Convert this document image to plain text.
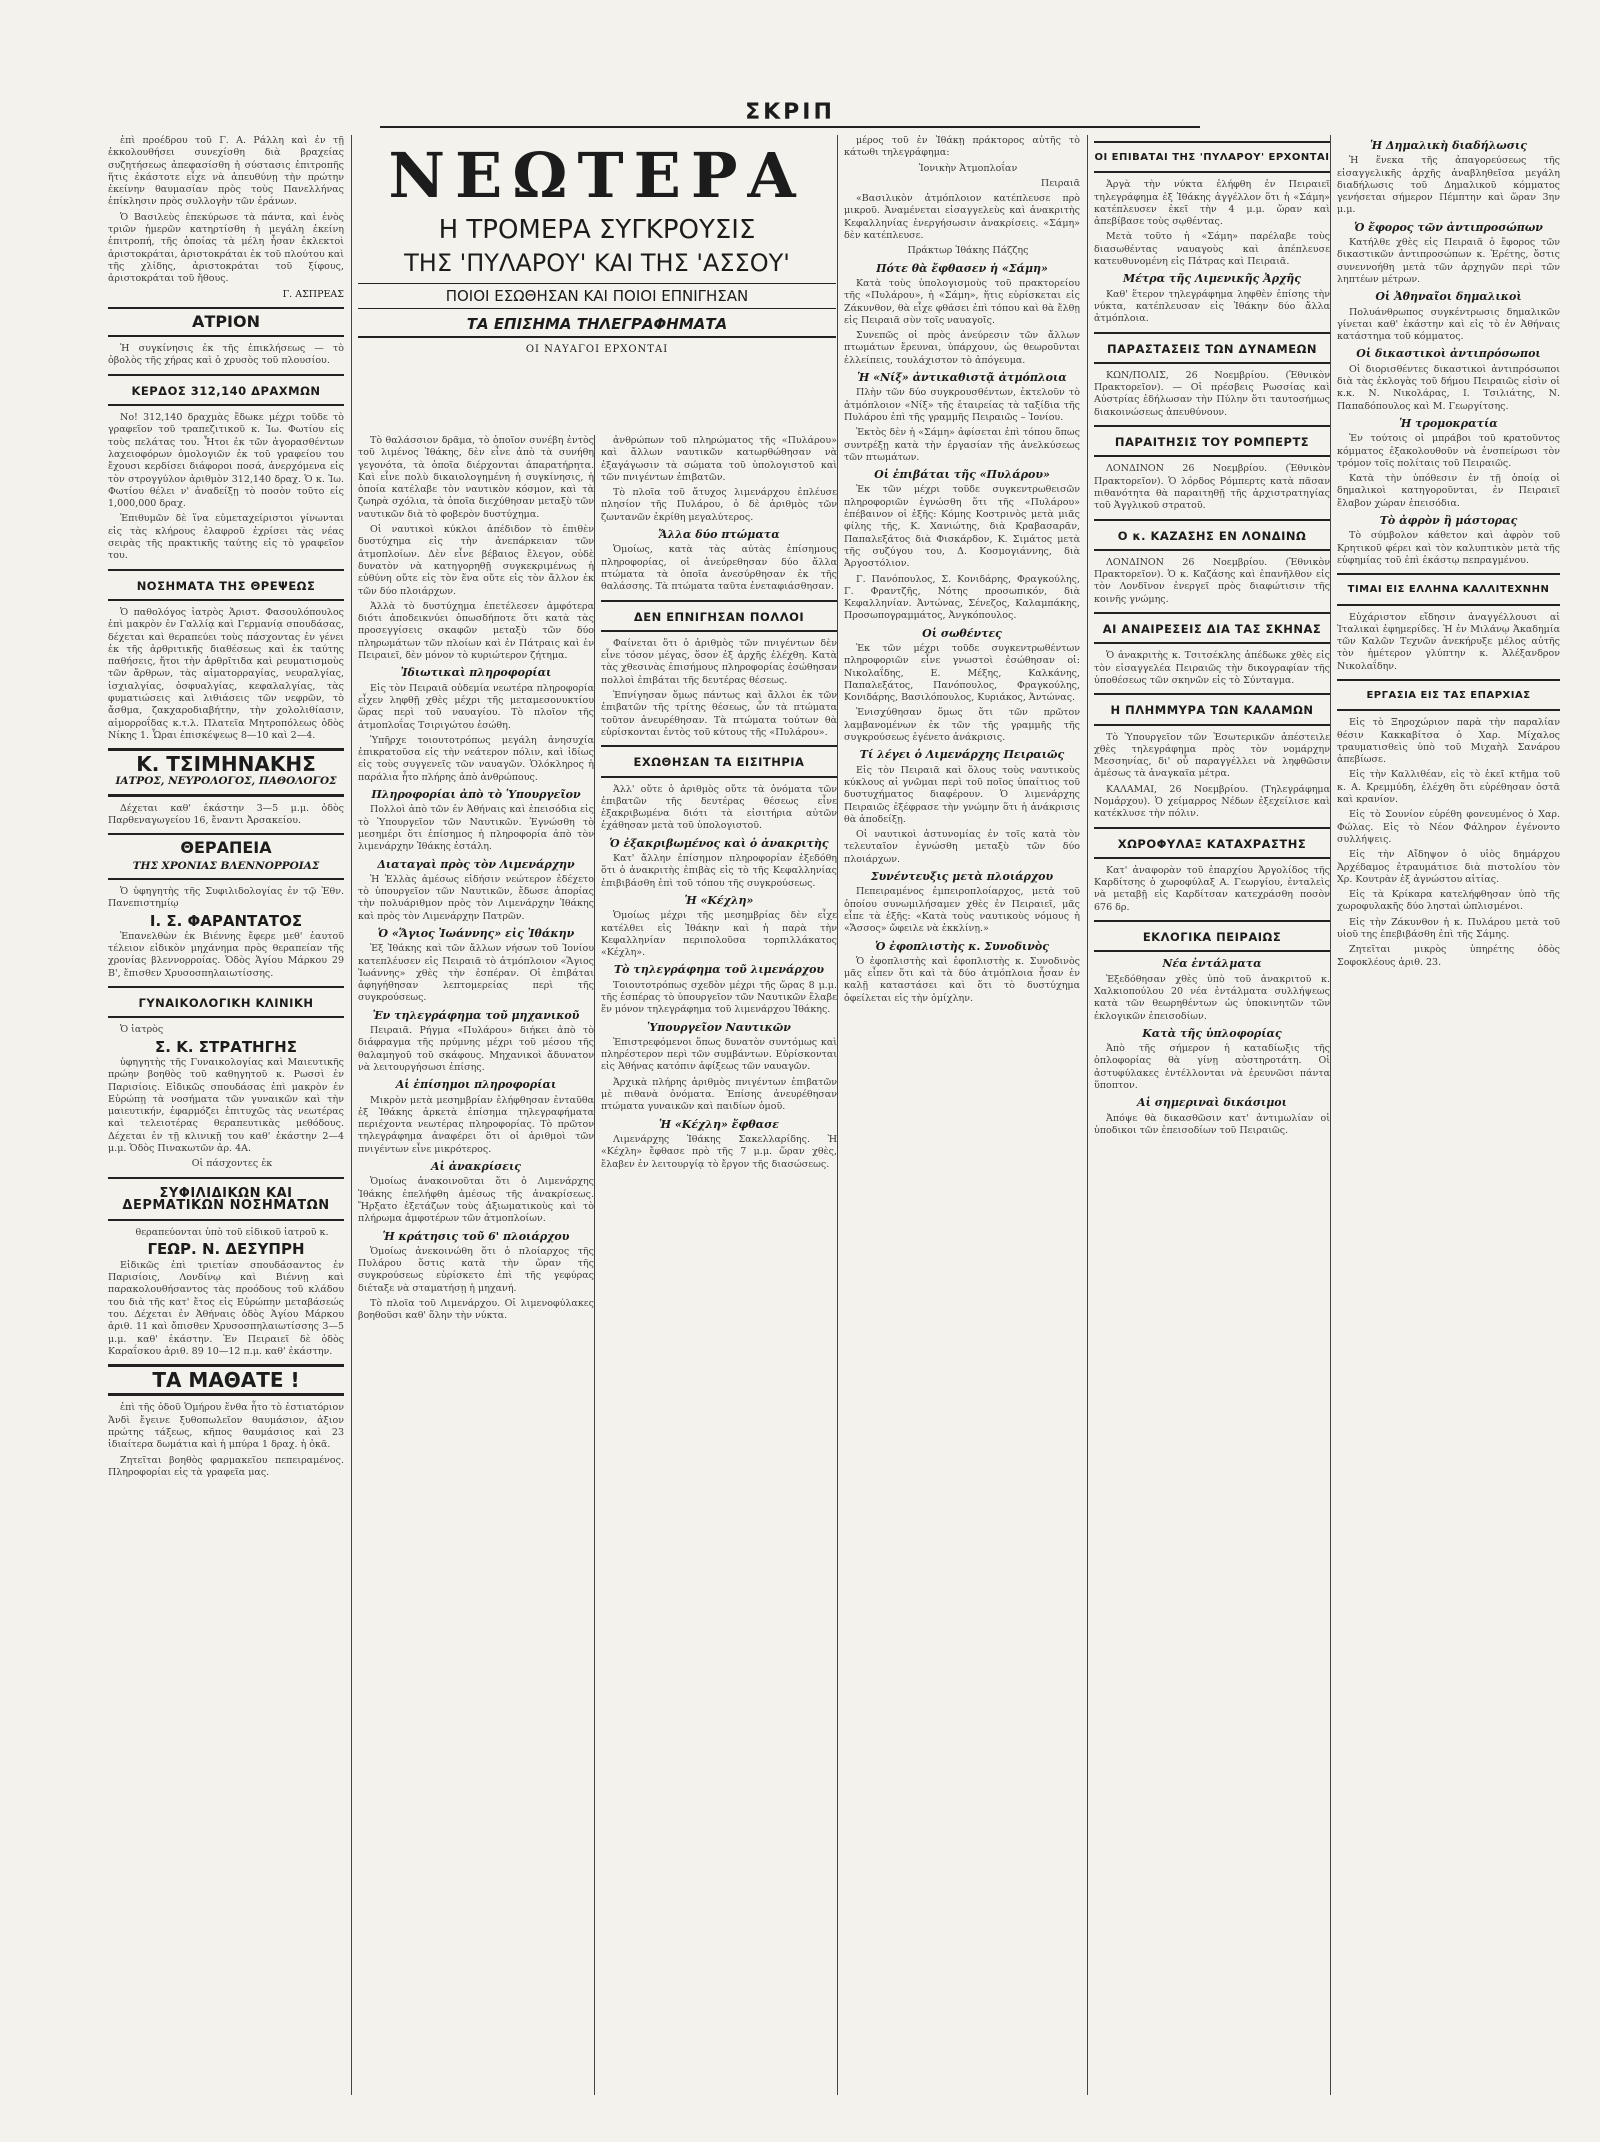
ΣΚΡΙΠ

ἐπὶ προέδρου τοῦ Γ. Α. Ράλλη καὶ ἐν τῇ ἐκκολουθήσει συνεχίσθη διὰ βραχείας συζητήσεως ἀπεφασίσθη ἡ σύστασις ἐπιτροπῆς ἥτις ἐκάστοτε εἶχε νὰ ἀπευθύνῃ τὴν πρώτην ἐκείνην θαυμασίαν πρὸς τοὺς Πανελλήνας ἐπίκλησιν πρὸς συλλογὴν τῶν ἐράνων.

Ὁ Βασιλεὺς ἐπεκύρωσε τὰ πάντα, καὶ ἐνὸς τριῶν ἡμερῶν κατηρτίσθη ἡ μεγάλη ἐκείνη ἐπιτροπή, τῆς ὁποίας τὰ μέλη ἦσαν ἐκλεκτοὶ ἀριστοκράται, ἀριστοκράται ἐκ τοῦ πλούτου καὶ τῆς χλίδης, ἀριστοκράται τοῦ ξίφους, ἀριστοκράται τοῦ ἤθους.

Γ. ΑΣΠΡΕΑΣ

ΑΤΡΙΟΝ

Ἡ συγκίνησις ἐκ τῆς ἐπικλήσεως — τὸ ὀβολὸς τῆς χήρας καὶ ὁ χρυσὸς τοῦ πλουσίου.

ΚΕΡΔΟΣ 312,140 ΔΡΑΧΜΩΝ

Νο! 312,140 δραχμὰς ἔδωκε μέχρι τοῦδε τὸ γραφεῖον τοῦ τραπεζιτικοῦ κ. Ἰω. Φωτίου εἰς τοὺς πελάτας του. Ἦτοι ἐκ τῶν ἀγορασθέντων λαχειοφόρων ὁμολογιῶν ἐκ τοῦ γραφείου του ἔχουσι κερδίσει διάφοροι ποσά, ἀνερχόμενα εἰς τὸν στρογγύλον ἀριθμὸν 312,140 δραχ. Ὁ κ. Ἰω. Φωτίου θέλει ν' ἀναδείξῃ τὸ ποσὸν τοῦτο εἰς 1,000,000 δραχ.

Ἐπιθυμῶν δὲ ἵνα εὐμεταχείριστοι γίνωνται εἰς τὰς κλήρους ἐλαφροῦ ἐχρίσει τὰς νέας σειρὰς τῆς πρακτικῆς ταύτης εἰς τὸ γραφεῖον του.

ΝΟΣΗΜΑΤΑ ΤΗΣ ΘΡΕΨΕΩΣ

Ὁ παθολόγος ἰατρὸς Ἀριστ. Φασουλόπουλος ἐπὶ μακρὸν ἐν Γαλλίᾳ καὶ Γερμανίᾳ σπουδάσας, δέχεται καὶ θεραπεύει τοὺς πάσχοντας ἐν γένει ἐκ τῆς ἀρθριτικῆς διαθέσεως καὶ ἐκ ταύτης παθήσεις, ἤτοι τὴν ἀρθρῖτιδα καὶ ρευματισμοὺς τῶν ἄρθρων, τὰς αἱματορραγίας, νευραλγίας, ἰσχιαλγίας, ὀσφυαλγίας, κεφαλαλγίας, τὰς φυματιώσεις καὶ λιθιάσεις τῶν νεφρῶν, τὸ ἄσθμα, ζακχαροδιαβήτην, τὴν χολολιθίασιν, αἱμορροΐδας κ.τ.λ. Πλατεῖα Μητροπόλεως ὁδὸς Νίκης 1. Ὧραι ἐπισκέψεως 8—10 καὶ 2—4.

Κ. ΤΣΙΜΗΝΑΚΗΣ
ΙΑΤΡΟΣ, ΝΕΥΡΟΛΟΓΟΣ, ΠΑΘΟΛΟΓΟΣ

Δέχεται καθ' ἑκάστην 3—5 μ.μ. ὁδὸς Παρθεναγωγείου 16, ἔναντι Ἀρσακείου.

ΘΕΡΑΠΕΙΑ
ΤΗΣ ΧΡΟΝΙΑΣ ΒΛΕΝΝΟΡΡΟΙΑΣ

Ὁ ὑφηγητὴς τῆς Συφιλιδολογίας ἐν τῷ Ἐθν. Πανεπιστημίῳ

Ι. Σ. ΦΑΡΑΝΤΑΤΟΣ

Ἐπανελθὼν ἐκ Βιέννης ἔφερε μεθ' ἑαυτοῦ τέλειον εἰδικὸν μηχάνημα πρὸς θεραπείαν τῆς χρονίας βλεννορροίας. Ὁδὸς Ἁγίου Μάρκου 29 Β', ἔπισθεν Χρυσοσπηλαιωτίσσης.

ΓΥΝΑΙΚΟΛΟΓΙΚΗ ΚΛΙΝΙΚΗ

Ὁ ἰατρὸς

Σ. Κ. ΣΤΡΑΤΗΓΗΣ

ὑφηγητὴς τῆς Γυναικολογίας καὶ Μαιευτικῆς πρώην βοηθὸς τοῦ καθηγητοῦ κ. Ρωσσὶ ἐν Παρισίοις. Εἰδικῶς σπουδάσας ἐπὶ μακρὸν ἐν Εὐρώπῃ τὰ νοσήματα τῶν γυναικῶν καὶ τὴν μαιευτικήν, ἐφαρμόζει ἐπιτυχῶς τὰς νεωτέρας καὶ τελειοτέρας θεραπευτικὰς μεθόδους. Δέχεται ἐν τῇ κλινικῇ του καθ' ἑκάστην 2—4 μ.μ. Ὁδὸς Πινακωτῶν ἀρ. 4Α.

Οἱ πάσχοντες ἐκ

ΣΥΦΙΛΙΔΙΚΩΝ ΚΑΙ ΔΕΡΜΑΤΙΚΩΝ ΝΟΣΗΜΑΤΩΝ

θεραπεύονται ὑπὸ τοῦ εἰδικοῦ ἰατροῦ κ.

ΓΕΩΡ. Ν. ΔΕΣΥΠΡΗ

Εἰδικῶς ἐπὶ τριετίαν σπουδάσαντος ἐν Παρισίοις, Λονδίνῳ καὶ Βιέννῃ καὶ παρακολουθήσαντος τὰς προόδους τοῦ κλάδου του διὰ τῆς κατ' ἔτος εἰς Εὐρώπην μεταβάσεώς του. Δέχεται ἐν Ἀθήναις ὁδὸς Ἁγίου Μάρκου ἀριθ. 11 καὶ ὄπισθεν Χρυσοσπηλαιωτίσσης 3—5 μ.μ. καθ' ἑκάστην. Ἐν Πειραιεῖ δὲ ὁδὸς Καραΐσκου ἀριθ. 89 10—12 π.μ. καθ' ἑκάστην.

ΤΑ ΜΑΘΑΤΕ !

ἐπὶ τῆς ὁδοῦ Ὁμήρου ἕνθα ἦτο τὸ ἐστιατόριον Ἀνδὶ ἔγεινε ξυθοπωλεῖον θαυμάσιον, ἀξιον πρώτης τάξεως, κῆπος θαυμάσιος καὶ 23 ἰδιαίτερα δωμάτια καὶ ἡ μπύρα 1 δραχ. ἡ ὀκᾶ.

Ζητεῖται βοηθὸς φαρμακεῖου πεπειραμένος. Πληροφορίαι εἰς τὰ γραφεῖα μας.

ΝΕΩΤΕΡΑ
Η ΤΡΟΜΕΡΑ ΣΥΓΚΡΟΥΣΙΣ
ΤΗΣ 'ΠΥΛΑΡΟΥ' ΚΑΙ ΤΗΣ 'ΑΣΣΟΥ'
ΠΟΙΟΙ ΕΣΩΘΗΣΑΝ ΚΑΙ ΠΟΙΟΙ ΕΠΝΙΓΗΣΑΝ
ΤΑ ΕΠΙΣΗΜΑ ΤΗΛΕΓΡΑΦΗΜΑΤΑ
ΟΙ ΝΑΥΑΓΟΙ ΕΡΧΟΝΤΑΙ

Τὸ θαλάσσιον δρᾶμα, τὸ ὁποῖον συνέβη ἐντὸς τοῦ λιμένος Ἰθάκης, δὲν εἶνε ἀπὸ τὰ συνήθη γεγονότα, τὰ ὁποῖα διέρχονται ἀπαρατήρητα. Καὶ εἶνε πολὺ δικαιολογημένη ἡ συγκίνησις, ἡ ὁποία κατέλαβε τὸν ναυτικὸν κόσμον, καὶ τὰ ζωηρὰ σχόλια, τὰ ὁποῖα διεχύθησαν μεταξὺ τῶν ναυτικῶν διὰ τὸ φοβερὸν δυστύχημα.

Οἱ ναυτικοὶ κύκλοι ἀπέδιδον τὸ ἐπιθὲν δυστύχημα εἰς τὴν ἀνεπάρκειαν τῶν ἀτμοπλοίων. Δὲν εἶνε βέβαιος ἔλεγον, οὐδὲ δυνατὸν νὰ κατηγορηθῇ συγκεκριμένως ἡ εὐθύνη οὔτε εἰς τὸν ἕνα οὔτε εἰς τὸν ἄλλον ἐκ τῶν δύο πλοιάρχων.

Ἀλλὰ τὸ δυστύχημα ἐπετέλεσεν ἀμφότερα διότι ἀποδεικνύει ὁπωσδήποτε ὅτι κατὰ τὰς προσεγγίσεις σκαφῶν μεταξὺ τῶν δύο πληρωμάτων τῶν πλοίων καὶ ἐν Πάτραις καὶ ἐν Πειραιεῖ, δὲν μόνον τὸ κυριώτερον ζήτημα.

Ἰδιωτικαὶ πληροφορίαι

Εἰς τὸν Πειραιᾶ οὐδεμία νεωτέρα πληροφορία εἶχεν ληφθῇ χθὲς μέχρι τῆς μεταμεσονυκτίου ὥρας περὶ τοῦ ναυαγίου. Τὸ πλοῖον τῆς ἀτμοπλοΐας Τσιριγώτου ἐσώθη.

Ὑπῆρχε τοιουτοτρόπως μεγάλη ἀνησυχία ἐπικρατοῦσα εἰς τὴν νεάτερον πόλιν, καὶ ἰδίως εἰς τοὺς συγγενεῖς τῶν ναυαγῶν. Ὁλόκληρος ἡ παράλια ἦτο πλήρης ἀπὸ ἀνθρώπους.

Πληροφορίαι ἀπὸ τὸ Ὑπουργεῖον

Πολλοὶ ἀπὸ τῶν ἐν Ἀθήναις καὶ ἐπεισόδια εἰς τὸ Ὑπουργεῖον τῶν Ναυτικῶν. Ἐγνώσθη τὸ μεσημέρι ὅτι ἐπίσημος ἡ πληροφορία ἀπὸ τὸν λιμενάρχην Ἰθάκης ἐστάλη.

Διαταγαὶ πρὸς τὸν Λιμενάρχην

Ἡ Ἑλλὰς ἀμέσως εἰδήσιν νεώτερον ἐδέχετο τὸ ὑπουργεῖον τῶν Ναυτικῶν, ἔδωσε ἀπορίας τὴν πολυάριθμον πρὸς τὸν Λιμενάρχην Ἰθάκης καὶ πρὸς τὸν Λιμενάρχην Πατρῶν.

Ὁ «Ἅγιος Ἰωάννης» εἰς Ἰθάκην

Ἐξ Ἰθάκης καὶ τῶν ἄλλων νήσων τοῦ Ἰονίου κατεπλέυσεν εἰς Πειραιᾶ τὸ ἀτμόπλοιον «Ἅγιος Ἰωάννης» χθὲς τὴν ἑσπέραν. Οἱ ἐπιβάται ἀφηγήθησαν λεπτομερείας περὶ τῆς συγκρούσεως.

Ἐν τηλεγράφημα τοῦ μηχανικοῦ

Πειραιᾶ. Ρήγμα «Πυλάρου» διήκει ἀπὸ τὸ διάφραγμα τῆς πρύμνης μέχρι τοῦ μέσου τῆς θαλαμηγοῦ τοῦ σκάφους. Μηχανικοὶ ἄδυνατον νὰ λειτουργήσωσι ἐπίσης.

Αἱ ἐπίσημοι πληροφορίαι

Μικρὸν μετὰ μεσημβρίαν ἐλήφθησαν ἐνταῦθα ἐξ Ἰθάκης ἀρκετὰ ἐπίσημα τηλεγραφήματα περιέχοντα νεωτέρας πληροφορίας. Τὸ πρῶτον τηλεγράφημα ἀναφέρει ὅτι οἱ ἀριθμοὶ τῶν πνιγέντων εἶνε μικρότερος.

Αἱ ἀνακρίσεις

Ὁμοίως ἀνακοινοῦται ὅτι ὁ Λιμενάρχης Ἰθάκης ἐπελήφθη ἀμέσως τῆς ἀνακρίσεως. Ἤρξατο ἐξετάζων τοὺς ἀξιωματικοὺς καὶ τὸ πλήρωμα ἀμφοτέρων τῶν ἀτμοπλοίων.

Ἡ κράτησις τοῦ 6' πλοιάρχου

Ὁμοίως ἀνεκοινώθη ὅτι ὁ πλοίαρχος τῆς Πυλάρου ὅστις κατὰ τὴν ὥραν τῆς συγκρούσεως εὑρίσκετο ἐπὶ τῆς γεφύρας διέταξε νὰ σταματήσῃ ἡ μηχανή.

Τὸ πλοῖα τοῦ Λιμενάρχου. Οἱ λιμενοφύλακες βοηθοῦσι καθ' ὅλην τὴν νύκτα.

ἀνθρώπων τοῦ πληρώματος τῆς «Πυλάρου» καὶ ἄλλων ναυτικῶν κατωρθώθησαν νὰ ἐξαγάγωσιν τὰ σώματα τοῦ ὑπολογιστοῦ καὶ τῶν πνιγέντων ἐπιβατῶν.

Τὸ πλοῖα τοῦ ἄτυχος λιμενάρχου ἐπλέυσε πλησίον τῆς Πυλάρου, ὁ δὲ ἀριθμὸς τῶν ζωντανῶν ἐκρίθη μεγαλύτερος.

Ἄλλα δύο πτώματα

Ὁμοίως, κατὰ τὰς αὐτὰς ἐπίσημους πληροφορίας, οἱ ἀνεύρεθησαν δύο ἄλλα πτώματα τὰ ὁποῖα ἀνεσύρθησαν ἐκ τῆς θαλάσσης. Τὰ πτώματα ταῦτα ἐνεταφιάσθησαν.

ΔΕΝ ΕΠΝΙΓΗΣΑΝ ΠΟΛΛΟΙ

Φαίνεται ὅτι ὁ ἀριθμὸς τῶν πνιγέντων δὲν εἶνε τόσον μέγας, ὅσον ἐξ ἀρχῆς ἐλέχθη. Κατὰ τὰς χθεσινὰς ἐπισήμους πληροφορίας ἐσώθησαν πολλοὶ ἐπιβάται τῆς δευτέρας θέσεως.

Ἐπνίγησαν ὅμως πάντως καὶ ἄλλοι ἐκ τῶν ἐπιβατῶν τῆς τρίτης θέσεως, ὧν τὰ πτώματα τοῦτον ἀνευρέθησαν. Τὰ πτώματα τούτων θὰ εὑρίσκονται ἐντὸς τοῦ κύτους τῆς «Πυλάρου».

ΕΧΩΘΗΣΑΝ ΤΑ ΕΙΣΙΤΗΡΙΑ

Ἀλλ' οὔτε ὁ ἀριθμὸς οὔτε τὰ ὀνόματα τῶν ἐπιβατῶν τῆς δευτέρας θέσεως εἶνε ἐξακριβωμένα διότι τὰ εἰσιτήρια αὐτῶν ἐχάθησαν μετὰ τοῦ ὑπολογιστοῦ.

Ὁ ἐξακριβωμένος καὶ ὁ ἀνακριτὴς

Κατ' ἄλλην ἐπίσημον πληροφορίαν ἐξεδόθη ὅτι ὁ ἀνακριτὴς ἐπιβὰς εἰς τὸ τῆς Κεφαλληνίας ἐπιβιβάσθη ἐπὶ τοῦ τόπου τῆς συγκρούσεως.

Ἡ «Κέχλη»

Ὁμοίως μέχρι τῆς μεσημβρίας δὲν εἶχε κατέλθει εἰς Ἰθάκην καὶ ἡ παρὰ τὴν Κεφαλληνίαν περιπολοῦσα τορπιλλάκατος «Κέχλη».

Τὸ τηλεγράφημα τοῦ λιμενάρχου

Τοιουτοτρόπως σχεδὸν μέχρι τῆς ὥρας 8 μ.μ. τῆς ἑσπέρας τὸ ὑπουργεῖον τῶν Ναυτικῶν ἔλαβε ἕν μόνον τηλεγράφημα τοῦ λιμενάρχου Ἰθάκης.

Ὑπουργεῖον Ναυτικῶν

Ἐπιστρεφόμενοι ὅπως δυνατὸν συντόμως καὶ πληρέστερον περὶ τῶν συμβάντων. Εὑρίσκονται εἰς Ἀθήνας κατόπιν ἀφίξεως τῶν ναυαγῶν.

Ἀρχικὰ πλήρης ἀριθμὸς πνιγέντων ἐπιβατῶν μὲ πιθανὰ ὀνόματα. Ἐπίσης ἀνευρέθησαν πτώματα γυναικῶν καὶ παιδίων ὁμοῦ.

Ἡ «Κέχλη» ἔφθασε

Λιμενάρχης Ἰθάκης Σακελλαρίδης. Ἡ «Κέχλη» ἔφθασε πρὸ τῆς 7 μ.μ. ὥραν χθὲς, ἔλαβεν ἐν λειτουργίᾳ τὸ ἔργον τῆς διασώσεως.

μέρος τοῦ ἐν Ἰθάκῃ πράκτορος αὐτῆς τὸ κάτωθι τηλεγράφημα:

Ἰονικὴν Ἀτμοπλοΐαν

Πειραιᾶ

«Βασιλικὸν ἀτμόπλοιον κατέπλευσε πρὸ μικροῦ. Ἀναμένεται εἰσαγγελεὺς καὶ ἀνακριτὴς Κεφαλληνίας ἐνεργήσωσιν ἀνακρίσεις. «Σάμη» δὲν κατέπλευσε.

Πράκτωρ Ἰθάκης Πάζζης

Πότε θὰ ἔφθασεν ἡ «Σάμη»

Κατὰ τοὺς ὑπολογισμοὺς τοῦ πρακτορείου τῆς «Πυλάρου», ἡ «Σάμη», ἥτις εὑρίσκεται εἰς Ζάκυνθον, θὰ εἶχε φθάσει ἐπὶ τόπου καὶ θὰ ἔλθῃ εἰς Πειραιᾶ σὺν τοῖς ναυαγοῖς.

Συνεπῶς οἱ πρὸς ἀνεύρεσιν τῶν ἄλλων πτωμάτων ἔρευναι, ὑπάρχουν, ὡς θεωροῦνται ἐλλείπεις, τουλάχιστον τὸ ἀπόγευμα.

Ἡ «Νίξ» ἀντικαθιστᾷ ἀτμόπλοια

Πλὴν τῶν δύο συγκρουσθέντων, ἐκτελοῦν τὸ ἀτμόπλοιον «Νίξ» τῆς ἑταιρείας τὰ ταξίδια τῆς Πυλάρου ἐπὶ τῆς γραμμῆς Πειραιῶς – Ἰονίου.

Ἐκτὸς δὲν ἡ «Σάμη» ἀφίσεται ἐπὶ τόπου ὅπως συντρέξῃ κατὰ τὴν ἐργασίαν τῆς ἀνελκύσεως τῶν πτωμάτων.

Οἱ ἐπιβάται τῆς «Πυλάρου»

Ἐκ τῶν μέχρι τοῦδε συγκεντρωθεισῶν πληροφοριῶν ἐγνώσθη ὅτι τῆς «Πυλάρου» ἐπέβαινον οἱ ἑξῆς: Κόμης Κοστρινὸς μετὰ μιᾶς φίλης τῆς, Κ. Χανιώτης, διὰ Κραβασαρᾶν, Παπαλεξάτος διὰ Φισκάρδον, Κ. Σιμάτος μετὰ τῆς συζύγου του, Δ. Κοσμογιάννης, διὰ Ἀργοστόλιον.

Γ. Πανόπουλος, Σ. Κονιδάρης, Φραγκούλης, Γ. Φραντζῆς, Νότης προσωπικόν, διὰ Κεφαλληνίαν. Ἀντώνας, Σένεζος, Καλαμπάκης, Προσωπογραμμάτος, Ἀνγκόπουλος.

Οἱ σωθέντες

Ἐκ τῶν μέχρι τοῦδε συγκεντρωθέντων πληροφοριῶν εἶνε γνωστοὶ ἐσώθησαν οἱ: Νικολαΐδης, Ε. Μέξης, Καλκάνης, Παπαλεξάτος, Πανόπουλος, Φραγκούλης, Κονιδάρης, Βασιλόπουλος, Κυριάκος, Ἀντώνας.

Ἐνισχύθησαν ὅμως ὅτι τῶν πρῶτον λαμβανομένων ἐκ τῶν τῆς γραμμῆς τῆς συγκρούσεως ἐγένετο ἀνάκρισις.

Τί λέγει ὁ Λιμενάρχης Πειραιῶς

Εἰς τὸν Πειραιᾶ καὶ ὅλους τοὺς ναυτικοὺς κύκλους αἱ γνῶμαι περὶ τοῦ ποῖος ὑπαίτιος τοῦ δυστυχήματος διαφέρουν. Ὁ λιμενάρχης Πειραιῶς ἐξέφρασε τὴν γνώμην ὅτι ἡ ἀνάκρισις θὰ ἀποδείξῃ.

Οἱ ναυτικοὶ ἀστυνομίας ἐν τοῖς κατὰ τὸν τελευταῖον ἐγνώσθη μεταξὺ τῶν δύο πλοιάρχων.

Συνέντευξις μετὰ πλοιάρχου

Πεπειραμένος ἐμπειροπλοίαρχος, μετὰ τοῦ ὁποίου συνωμιλήσαμεν χθὲς ἐν Πειραιεῖ, μᾶς εἶπε τὰ ἑξῆς: «Κατὰ τοὺς ναυτικοὺς νόμους ἡ «Ἄσσος» ὤφειλε νὰ ἐκκλίνῃ.»

Ὁ ἐφοπλιστὴς κ. Συνοδινὸς

Ὁ ἐφοπλιστὴς καὶ ἐφοπλιστὴς κ. Συνοδινὸς μᾶς εἶπεν ὅτι καὶ τὰ δύο ἀτμόπλοια ἦσαν ἐν καλῇ καταστάσει καὶ ὅτι τὸ δυστύχημα ὀφείλεται εἰς τὴν ὁμίχλην.

ΟΙ ΕΠΙΒΑΤΑΙ ΤΗΣ 'ΠΥΛΑΡΟΥ' ΕΡΧΟΝΤΑΙ

Ἀργὰ τὴν νύκτα ἐλήφθη ἐν Πειραιεῖ τηλεγράφημα ἐξ Ἰθάκης ἀγγέλλον ὅτι ἡ «Σάμη» κατέπλευσεν ἐκεῖ τὴν 4 μ.μ. ὥραν καὶ ἀπεβίβασε τοὺς σῳθέντας.

Μετὰ τοῦτο ἡ «Σάμη» παρέλαβε τοὺς διασωθέντας ναυαγοὺς καὶ ἀπέπλευσε κατευθυνομένη εἰς Πάτρας καὶ Πειραιᾶ.

Μέτρα τῆς Λιμενικῆς Ἀρχῆς

Καθ' ἕτερον τηλεγράφημα ληφθὲν ἐπίσης τὴν νύκτα, κατέπλευσαν εἰς Ἰθάκην δύο ἄλλα ἀτμόπλοια.

ΠΑΡΑΣΤΑΣΕΙΣ ΤΩΝ ΔΥΝΑΜΕΩΝ

ΚΩΝ/ΠΟΛΙΣ, 26 Νοεμβρίου. (Ἐθνικὸν Πρακτορεῖον). — Οἱ πρέσβεις Ρωσσίας καὶ Αὐστρίας ἐδήλωσαν τὴν Πύλην ὅτι ταυτοσήμως διακοινώσεως ἀπευθύνουν.

ΠΑΡΑΙΤΗΣΙΣ ΤΟΥ ΡΟΜΠΕΡΤΣ

ΛΟΝΔΙΝΟΝ 26 Νοεμβρίου. (Ἐθνικὸν Πρακτορεῖον). Ὁ λόρδος Ρόμπερτς κατὰ πᾶσαν πιθανότητα θὰ παραιτηθῇ τῆς ἀρχιστρατηγίας τοῦ Ἀγγλικοῦ στρατοῦ.

Ο κ. ΚΑΖΑΣΗΣ ΕΝ ΛΟΝΔΙΝΩ

ΛΟΝΔΙΝΟΝ 26 Νοεμβρίου. (Ἐθνικὸν Πρακτορεῖον). Ὁ κ. Καζάσης καὶ ἐπανῆλθον εἰς τὸν Λονδῖνον ἐνεργεῖ πρὸς διαφώτισιν τῆς κοινῆς γνώμης.

ΑΙ ΑΝΑΙΡΕΣΕΙΣ ΔΙΑ ΤΑΣ ΣΚΗΝΑΣ

Ὁ ἀνακριτὴς κ. Τσιτσέκλης ἀπέδωκε χθὲς εἰς τὸν εἰσαγγελέα Πειραιῶς τὴν δικογραφίαν τῆς ὑποθέσεως τῶν σκηνῶν εἰς τὸ Σύνταγμα.

Η ΠΛΗΜΜΥΡΑ ΤΩΝ ΚΑΛΑΜΩΝ

Τὸ Ὑπουργεῖον τῶν Ἐσωτερικῶν ἀπέστειλε χθὲς τηλεγράφημα πρὸς τὸν νομάρχην Μεσσηνίας, δι' οὗ παραγγέλλει νὰ ληφθῶσιν ἀμέσως τὰ ἀναγκαῖα μέτρα.

ΚΑΛΑΜΑΙ, 26 Νοεμβρίου. (Τηλεγράφημα Νομάρχου). Ὁ χείμαρρος Νέδων ἐξεχείλισε καὶ κατέκλυσε τὴν πόλιν.

ΧΩΡΟΦΥΛΑΞ ΚΑΤΑΧΡΑΣΤΗΣ

Κατ' ἀναφορὰν τοῦ ἐπαρχίου Ἀργολίδος τῆς Καρδίτσης ὁ χωροφύλαξ Α. Γεωργίου, ἐνταλεὶς νὰ μεταβῇ εἰς Καρδίτσαν κατεχράσθη ποσὸν 676 δρ.

ΕΚΛΟΓΙΚΑ ΠΕΙΡΑΙΩΣ
Νέα ἐντάλματα

Ἐξεδόθησαν χθὲς ὑπὸ τοῦ ἀνακριτοῦ κ. Χαλκιοπούλου 20 νέα ἐντάλματα συλλήψεως κατὰ τῶν θεωρηθέντων ὡς ὑποκινητῶν τῶν ἐκλογικῶν ἐπεισοδίων.

Κατὰ τῆς ὑπλοφορίας

Ἀπὸ τῆς σήμερον ἡ καταδίωξις τῆς ὁπλοφορίας θὰ γίνῃ αὐστηροτάτη. Οἱ ἀστυφύλακες ἐντέλλονται νὰ ἐρευνῶσι πάντα ὕποπτον.

Αἱ σημεριναὶ δικάσιμοι

Ἀπόψε θὰ δικασθῶσιν κατ' ἀντιμωλίαν οἱ ὑποδικοι τῶν ἐπεισοδίων τοῦ Πειραιῶς.

Ἡ Δημαλικὴ διαδήλωσις

Ἡ ἕνεκα τῆς ἀπαγορεύσεως τῆς εἰσαγγελικῆς ἀρχῆς ἀναβληθεῖσα μεγάλη διαδήλωσις τοῦ Δημαλικοῦ κόμματος γενήσεται σήμερον Πέμπτην καὶ ὥραν 3ην μ.μ.

Ὁ ἔφορος τῶν ἀντιπροσώπων

Κατήλθε χθὲς εἰς Πειραιᾶ ὁ ἔφορος τῶν δικαστικῶν ἀντιπροσώπων κ. Ἐρέτης, ὅστις συνεννοήθη μετὰ τῶν ἀρχηγῶν περὶ τῶν ληπτέων μέτρων.

Οἱ Ἀθηναῖοι δημαλικοὶ

Πολυάνθρωπος συγκέντρωσις δημαλικῶν γίνεται καθ' ἑκάστην καὶ εἰς τὸ ἐν Ἀθήναις κατάστημα τοῦ κόμματος.

Οἱ δικαστικοὶ ἀντιπρόσωποι

Οἱ διορισθέντες δικαστικοὶ ἀντιπρόσωποι διὰ τὰς ἐκλογὰς τοῦ δήμου Πειραιῶς εἰσὶν οἱ κ.κ. Ν. Νικολάρας, Ι. Τσιλιάτης, Ν. Παπαδόπουλος καὶ Μ. Γεωργίτσης.

Ἡ τρομοκρατία

Ἐν τούτοις οἱ μπράβοι τοῦ κρατοῦντος κόμματος ἐξακολουθοῦν νὰ ἐνσπείρωσι τὸν τρόμον τοῖς πολίταις τοῦ Πειραιῶς.

Κατὰ τὴν ὑπόθεσιν ἐν τῇ ὁποίᾳ οἱ δημαλικοὶ κατηγοροῦνται, ἐν Πειραιεῖ ἔλαβον χώραν ἐπεισόδια.

Τὸ ἀφρὸν ἢ μάστορας

Τὸ σύμβολον κάθετον καὶ ἀφρὸν τοῦ Κρητικοῦ φέρει καὶ τὸν καλυπτικὸν μετὰ τῆς εὐφημίας τοῦ ἐπὶ ἑκάστῳ πεπραγμένου.

ΤΙΜΑΙ ΕΙΣ ΕΛΛΗΝΑ ΚΑΛΛΙΤΕΧΝΗΝ

Εὐχάριστον εἴδησιν ἀναγγέλλουσι αἱ Ἰταλικαὶ ἐφημερίδες. Ἡ ἐν Μιλάνῳ Ἀκαδημία τῶν Καλῶν Τεχνῶν ἀνεκήρυξε μέλος αὐτῆς τὸν ἡμέτερον γλύπτην κ. Ἀλέξανδρον Νικολαΐδην.

ΕΡΓΑΣΙΑ ΕΙΣ ΤΑΣ ΕΠΑΡΧΙΑΣ

Εἰς τὸ Ξηροχώριον παρὰ τὴν παραλίαν θέσιν Κακκαβίτσα ὁ Χαρ. Μίχαλος τραυματισθεὶς ὑπὸ τοῦ Μιχαὴλ Σανάρου ἀπεβίωσε.

Εἰς τὴν Καλλιθέαν, εἰς τὸ ἐκεῖ κτῆμα τοῦ κ. Α. Κρεμμύδη, ἐλέχθη ὅτι εὑρέθησαν ὀστᾶ καὶ κρανίον.

Εἰς τὸ Σουνίον εὑρέθη φονευμένος ὁ Χαρ. Φώλας. Εἰς τὸ Νέον Φάληρον ἐγένοντο συλλήψεις.

Εἰς τὴν Αἴδηψον ὁ υἱὸς δημάρχου Ἀρχέδαμος ἐτραυμάτισε διὰ πιστολίου τὸν Χρ. Κουτρὰν ἐξ ἀγνώστου αἰτίας.

Εἰς τὰ Κρίκαρα κατελήφθησαν ὑπὸ τῆς χωροφυλακῆς δύο λησταὶ ὡπλισμένοι.

Εἰς τὴν Ζάκυνθον ἡ κ. Πυλάρου μετὰ τοῦ υἱοῦ της ἐπεβιβάσθη ἐπὶ τῆς Σάμης.

Ζητεῖται μικρὸς ὑπηρέτης ὁδὸς Σοφοκλέους ἀριθ. 23.
